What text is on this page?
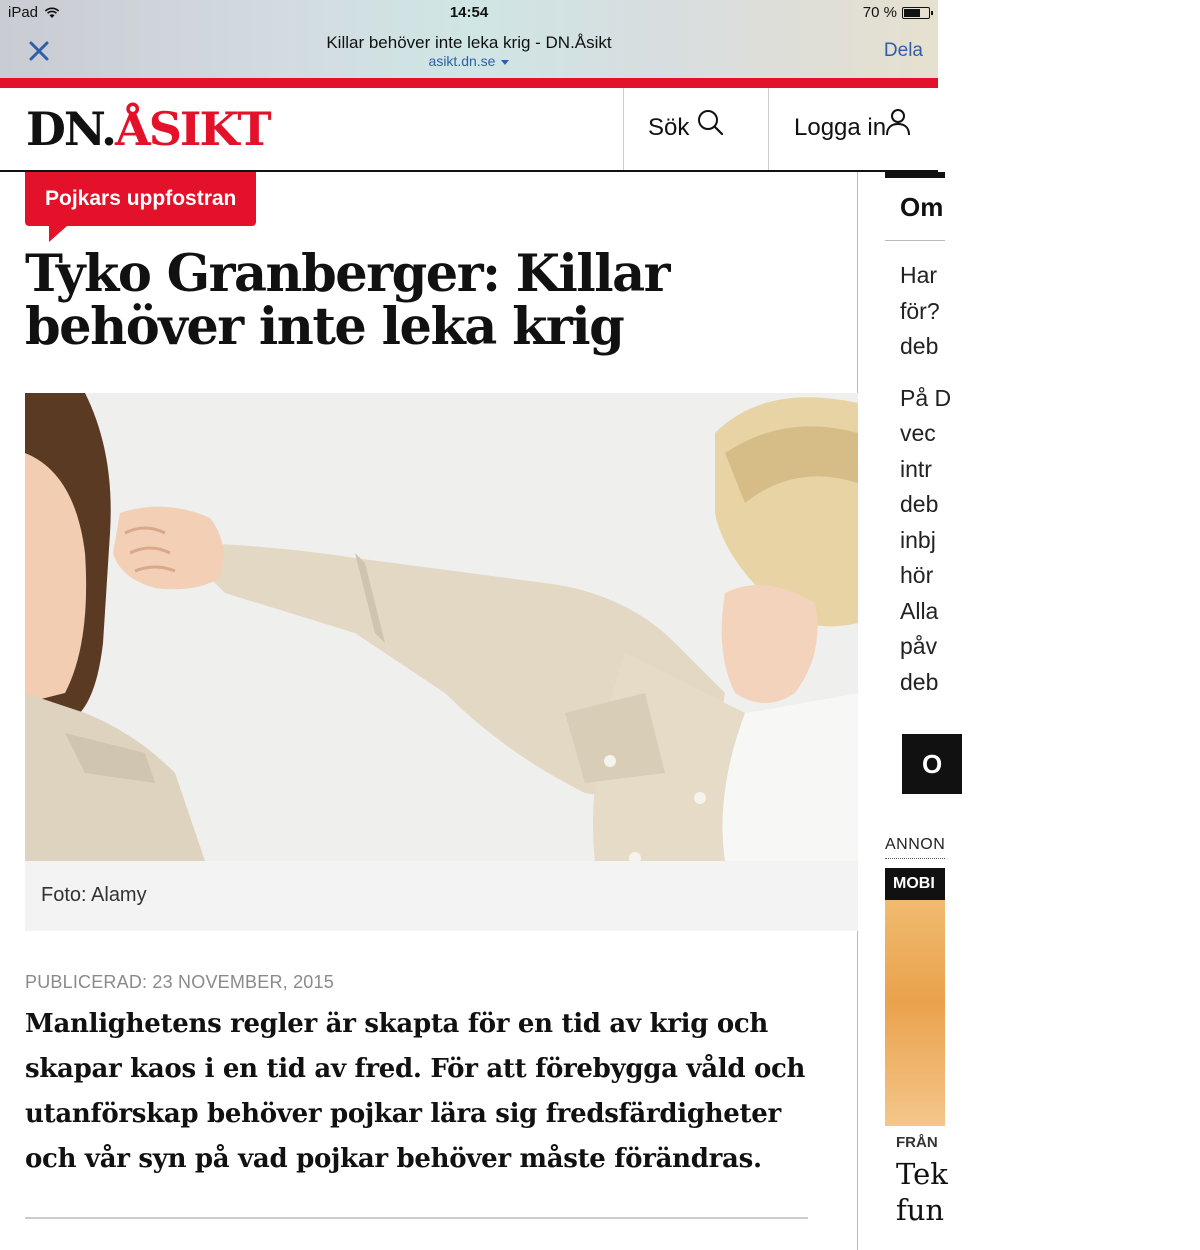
iPad	14:54	70 %
Killar behöver inte leka krig - DN.Åsikt
asikt.dn.se	Dela
DN.ÅSIKT	Sök	Logga in
Pojkars uppfostran
Tyko Granberger: Killar behöver inte leka krig
Foto: Alamy
PUBLICERAD: 23 NOVEMBER, 2015

Manlighetens regler är skapta för en tid av krig och skapar kaos i en tid av fred. För att förebygga våld och utanförskap behöver pojkar lära sig fredsfärdigheter och vår syn på vad pojkar behöver måste förändras.

Om
Har
för?
deb
På D
vec
intr
deb
inbj
hör
Alla
påv
deb
O
ANNON
MOBI
FRÅN
Tek
fun
